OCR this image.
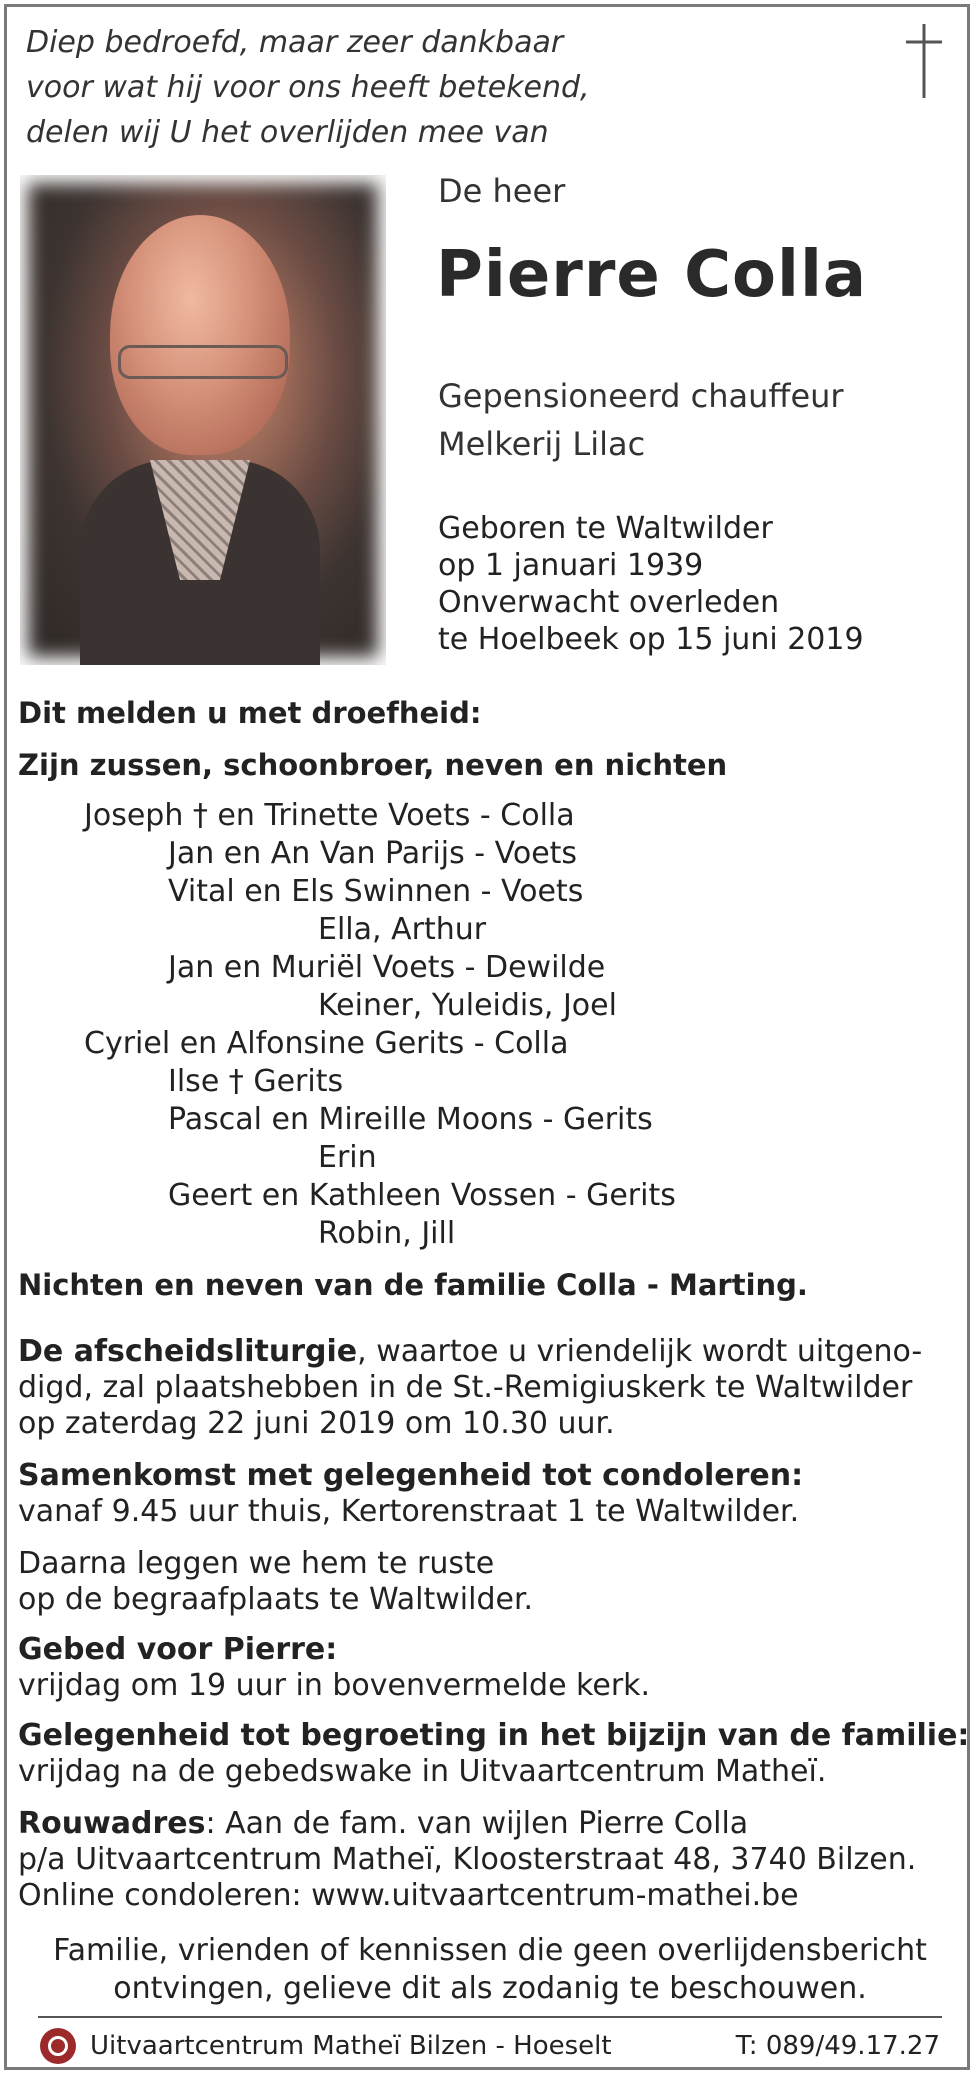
Diep bedroefd, maar zeer dankbaar
voor wat hij voor ons heeft betekend,
delen wij U het overlijden mee van
De heer
Pierre Colla
Gepensioneerd chauffeur
Melkerij Lilac
Geboren te Waltwilder
op 1 januari 1939
Onverwacht overleden
te Hoelbeek op 15 juni 2019
Dit melden u met droefheid:
Zijn zussen, schoonbroer, neven en nichten
Joseph † en Trinette Voets - Colla
Jan en An Van Parijs - Voets
Vital en Els Swinnen - Voets
Ella, Arthur
Jan en Muriël Voets - Dewilde
Keiner, Yuleidis, Joel
Cyriel en Alfonsine Gerits - Colla
Ilse † Gerits
Pascal en Mireille Moons - Gerits
Erin
Geert en Kathleen Vossen - Gerits
Robin, Jill
Nichten en neven van de familie Colla - Marting.
De afscheidsliturgie, waartoe u vriendelijk wordt uitgeno-
digd, zal plaatshebben in de St.-Remigiuskerk te Waltwilder
op zaterdag 22 juni 2019 om 10.30 uur.
Samenkomst met gelegenheid tot condoleren:
vanaf 9.45 uur thuis, Kertorenstraat 1 te Waltwilder.
Daarna leggen we hem te ruste
op de begraafplaats te Waltwilder.
Gebed voor Pierre:
vrijdag om 19 uur in bovenvermelde kerk.
Gelegenheid tot begroeting in het bijzijn van de familie:
vrijdag na de gebedswake in Uitvaartcentrum Matheï.
Rouwadres: Aan de fam. van wijlen Pierre Colla
p/a Uitvaartcentrum Matheï, Kloosterstraat 48, 3740 Bilzen.
Online condoleren: www.uitvaartcentrum-mathei.be
Familie, vrienden of kennissen die geen overlijdensbericht
ontvingen, gelieve dit als zodanig te beschouwen.
Uitvaartcentrum Matheï Bilzen - Hoeselt	T: 089/49.17.27
